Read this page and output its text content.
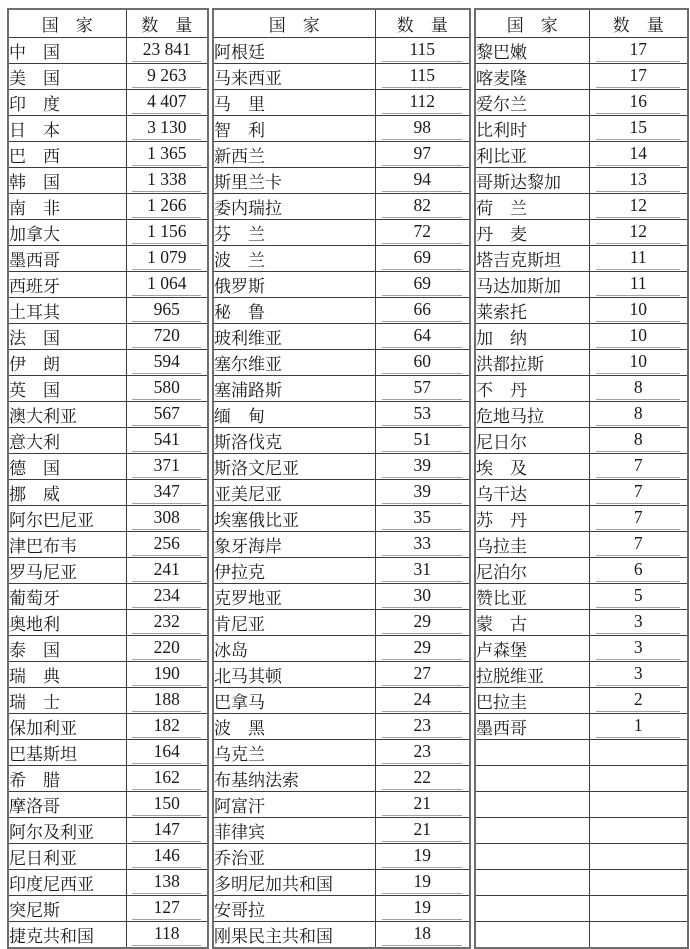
国　家	数　量
中　国	23 841
美　国	9 263
印　度	4 407
日　本	3 130
巴　西	1 365
韩　国	1 338
南　非	1 266
加拿大	1 156
墨西哥	1 079
西班牙	1 064
土耳其	965
法　国	720
伊　朗	594
英　国	580
澳大利亚	567
意大利	541
德　国	371
挪　威	347
阿尔巴尼亚	308
津巴布韦	256
罗马尼亚	241
葡萄牙	234
奥地利	232
泰　国	220
瑞　典	190
瑞　士	188
保加利亚	182
巴基斯坦	164
希　腊	162
摩洛哥	150
阿尔及利亚	147
尼日利亚	146
印度尼西亚	138
突尼斯	127
捷克共和国	118
国　家	数　量
阿根廷	115
马来西亚	115
马　里	112
智　利	98
新西兰	97
斯里兰卡	94
委内瑞拉	82
芬　兰	72
波　兰	69
俄罗斯	69
秘　鲁	66
玻利维亚	64
塞尔维亚	60
塞浦路斯	57
缅　甸	53
斯洛伐克	51
斯洛文尼亚	39
亚美尼亚	39
埃塞俄比亚	35
象牙海岸	33
伊拉克	31
克罗地亚	30
肯尼亚	29
冰岛	29
北马其顿	27
巴拿马	24
波　黑	23
乌克兰	23
布基纳法索	22
阿富汗	21
菲律宾	21
乔治亚	19
多明尼加共和国	19
安哥拉	19
刚果民主共和国	18
国　家	数　量
黎巴嫩	17
喀麦隆	17
爱尔兰	16
比利时	15
利比亚	14
哥斯达黎加	13
荷　兰	12
丹　麦	12
塔吉克斯坦	11
马达加斯加	11
莱索托	10
加　纳	10
洪都拉斯	10
不　丹	8
危地马拉	8
尼日尔	8
埃　及	7
乌干达	7
苏　丹	7
乌拉圭	7
尼泊尔	6
赞比亚	5
蒙　古	3
卢森堡	3
拉脱维亚	3
巴拉圭	2
墨西哥	1
